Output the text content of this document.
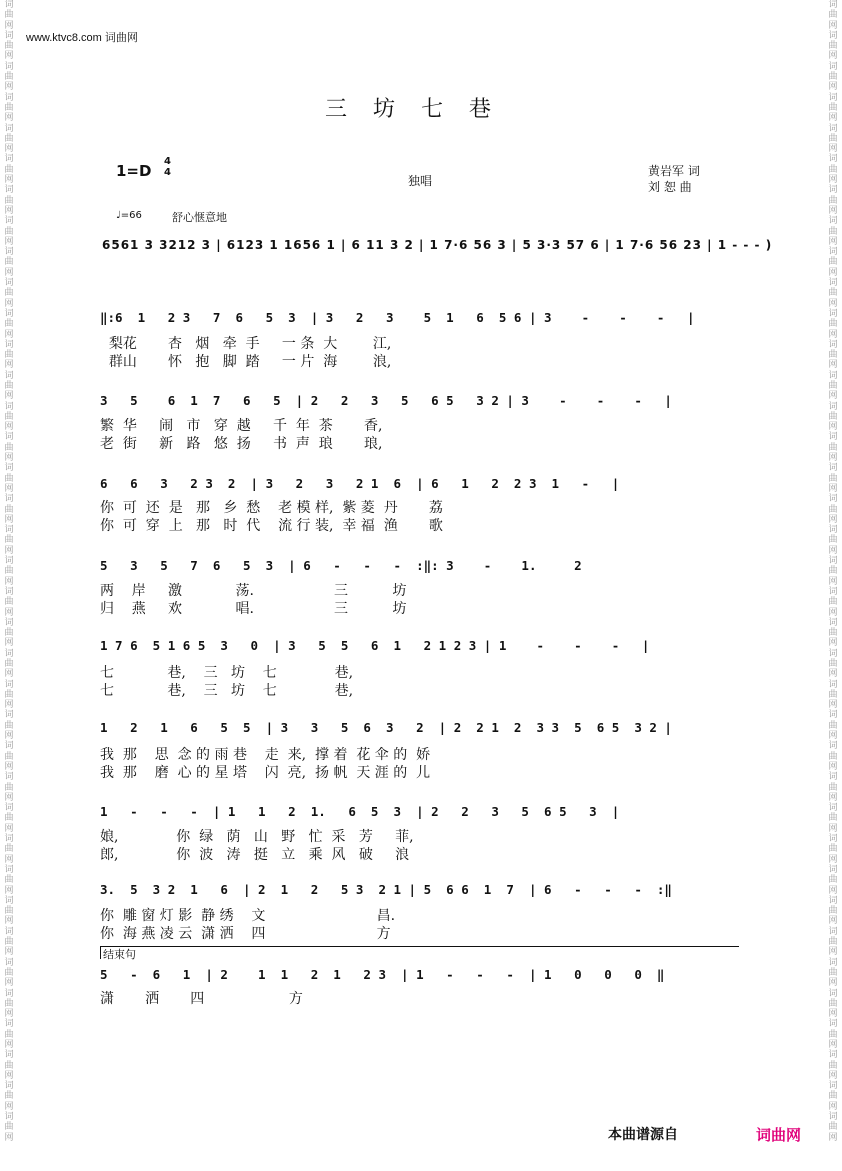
词曲网词曲网词曲网词曲网词曲网词曲网词曲网词曲网词曲网词曲网词曲网词曲网词曲网词曲网词曲网词曲网词曲网词曲网词曲网词曲网词曲网词曲网词曲网词曲网词曲网词曲网词曲网词曲网词曲网词曲网词曲网词曲网词曲网词曲网词曲网词曲网词曲网
词曲网词曲网词曲网词曲网词曲网词曲网词曲网词曲网词曲网词曲网词曲网词曲网词曲网词曲网词曲网词曲网词曲网词曲网词曲网词曲网词曲网词曲网词曲网词曲网词曲网词曲网词曲网词曲网词曲网词曲网词曲网词曲网词曲网词曲网词曲网词曲网词曲网
www.ktvc8.com 词曲网
三坊七巷
1=D
4
4
独唱
黄岩军 词
刘 恕 曲
♩=66	舒心惬意地
6561 3 3212 3 | 6123 1 1656 1 | 6 11 3 2 | 1 7·6 56 3 | 5 3·3 57 6 | 1 7·6 56 23 | 1 - - - )
‖:6  1   2 3   7  6   5  3  | 3   2   3    5  1   6  5 6 | 3    -    -    -   |
梨花       杏   烟   牵  手     一 条  大        江,
群山       怀   抱   脚  踏     一 片  海        浪,
3   5    6  1  7   6   5  | 2   2   3   5   6 5   3 2 | 3    -    -    -   |
繁  华     闹   市   穿  越     千  年  茶       香,
老  街     新   路   悠  扬     书  声  琅       琅,
6   6   3   2 3  2  | 3   2   3   2 1  6  | 6   1   2  2 3  1   -   |
你  可  还  是   那   乡  愁    老 模 样,  紫 菱  丹       荔
你  可  穿  上   那   时  代    流 行 装,  幸 福  渔       歌
5   3   5   7  6   5  3  | 6   -   -   -  :‖: 3    -    1.     2
两    岸     激            荡.                  三          坊
归    燕     欢            唱.                  三          坊
1 7 6  5 1 6 5  3   0  | 3   5  5   6  1   2 1 2 3 | 1    -    -    -   |
七            巷,    三   坊    七             巷,
七            巷,    三   坊    七             巷,
1   2   1   6   5  5  | 3   3   5  6  3   2  | 2  2 1  2  3 3  5  6 5  3 2 |
我  那    思  念 的 雨 巷    走  来,  撑 着  花 伞 的  娇
我  那    磨  心 的 星 塔    闪  亮,  扬 帆  天 涯 的  儿
1   -   -   -  | 1   1   2  1.   6  5  3  | 2   2   3   5  6 5   3  |
娘,             你  绿   荫   山   野   忙  采   芳     菲,
郎,             你  波   涛   挺   立   乘  风   破     浪
3.  5  3 2  1   6  | 2  1   2   5 3  2 1 | 5  6 6  1  7  | 6   -   -   -  :‖
你  雕 窗 灯 影  静 绣    文                         昌.
你  海 燕 凌 云  潇 洒    四                         方
结束句
5   -  6   1  | 2    1  1   2  1   2 3  | 1   -   -   -  | 1   0   0   0  ‖
潇       洒       四                   方
本曲谱源自	词曲网
